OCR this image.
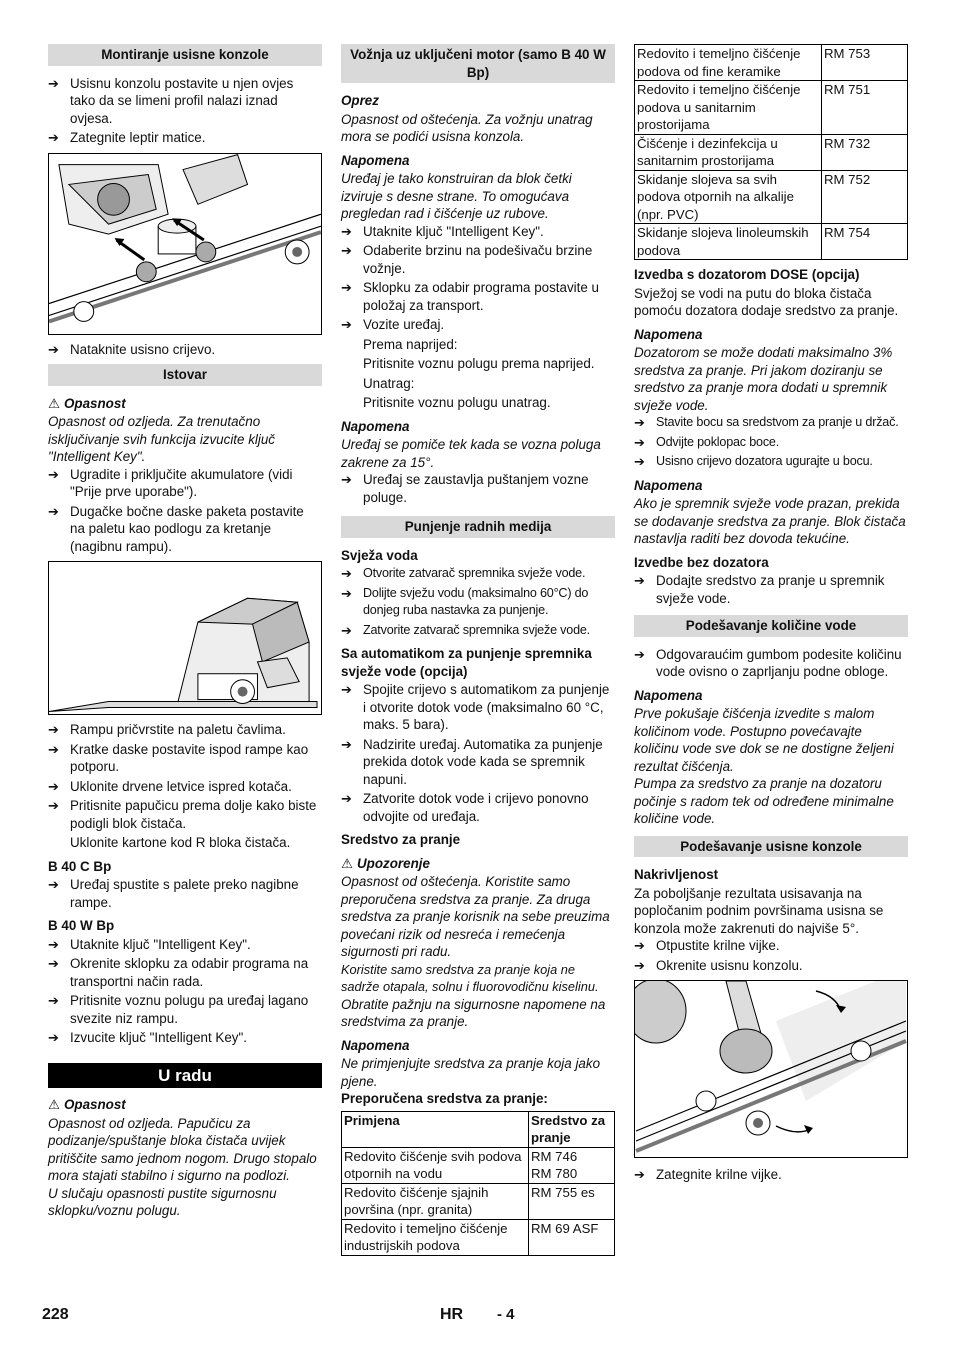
Montiranje usisne konzole
➔ Usisnu konzolu postavite u njen ovjes tako da se limeni profil nalazi iznad ovjesa.
➔ Zategnite leptir matice.
➔ Nataknite usisno crijevo.
Istovar
⚠ Opasnost

Opasnost od ozljeda. Za trenutačno isključivanje svih funkcija izvucite ključ "Intelligent Key".

➔ Ugradite i priključite akumulatore (vidi "Prije prve uporabe").
➔ Dugačke bočne daske paketa postavite na paletu kao podlogu za kretanje (nagibnu rampu).
➔ Rampu pričvrstite na paletu čavlima.
➔ Kratke daske postavite ispod rampe kao potporu.
➔ Uklonite drvene letvice ispred kotača.
➔ Pritisnite papučicu prema dolje kako biste podigli blok čistača.
Uklonite kartone kod R bloka čistača.
B 40 C Bp
➔ Uređaj spustite s palete preko nagibne rampe.
B 40 W Bp
➔ Utaknite ključ "Intelligent Key".
➔ Okrenite sklopku za odabir programa na transportni način rada.
➔ Pritisnite voznu polugu pa uređaj lagano svezite niz rampu.
➔ Izvucite ključ "Intelligent Key".
U radu
⚠ Opasnost

Opasnost od ozljeda. Papučicu za podizanje/spuštanje bloka čistača uvijek pritiščite samo jednom nogom. Drugo stopalo mora stajati stabilno i sigurno na podlozi.

U slučaju opasnosti pustite sigurnosnu sklopku/voznu polugu.

Vožnja uz uključeni motor (samo B 40 W Bp)
Oprez

Opasnost od oštećenja. Za vožnju unatrag mora se podići usisna konzola.

Napomena

Uređaj je tako konstruiran da blok četki izviruje s desne strane. To omogućava pregledan rad i čišćenje uz rubove.

➔ Utaknite ključ "Intelligent Key".
➔ Odaberite brzinu na podešivaču brzine vožnje.
➔ Sklopku za odabir programa postavite u položaj za transport.
➔ Vozite uređaj.
Prema naprijed:
Pritisnite voznu polugu prema naprijed.
Unatrag:
Pritisnite voznu polugu unatrag.
Napomena

Uređaj se pomiče tek kada se vozna poluga zakrene za 15°.

➔ Uređaj se zaustavlja puštanjem vozne poluge.
Punjenje radnih medija
Svježa voda
➔ Otvorite zatvarač spremnika svježe vode.
➔ Dolijte svježu vodu (maksimalno 60°C) do donjeg ruba nastavka za punjenje.
➔ Zatvorite zatvarač spremnika svježe vode.
Sa automatikom za punjenje spremnika svježe vode (opcija)
➔ Spojite crijevo s automatikom za punjenje i otvorite dotok vode (maksimalno 60 °C, maks. 5 bara).
➔ Nadzirite uređaj. Automatika za punjenje prekida dotok vode kada se spremnik napuni.
➔ Zatvorite dotok vode i crijevo ponovno odvojite od uređaja.
Sredstvo za pranje
⚠ Upozorenje

Opasnost od oštećenja. Koristite samo preporučena sredstva za pranje. Za druga sredstva za pranje korisnik na sebe preuzima povećani rizik od nesreća i remećenja sigurnosti pri radu.

Koristite samo sredstva za pranje koja ne sadrže otapala, solnu i fluorovodičnu kiselinu.

Obratite pažnju na sigurnosne napomene na sredstvima za pranje.

Napomena

Ne primjenjujte sredstva za pranje koja jako pjene.

Preporučena sredstva za pranje:
Primjena	Sredstvo za pranje
Redovito čišćenje svih podova otpornih na vodu	RM 746
RM 780
Redovito čišćenje sjajnih površina (npr. granita)	RM 755 es
Redovito i temeljno čišćenje industrijskih podova	RM 69 ASF
Redovito i temeljno čišćenje podova od fine keramike	RM 753
Redovito i temeljno čišćenje podova u sanitarnim prostorijama	RM 751
Čišćenje i dezinfekcija u sanitarnim prostorijama	RM 732
Skidanje slojeva sa svih podova otpornih na alkalije (npr. PVC)	RM 752
Skidanje slojeva linoleumskih podova	RM 754
Izvedba s dozatorom DOSE (opcija)

Svježoj se vodi na putu do bloka čistača pomoću dozatora dodaje sredstvo za pranje.

Napomena

Dozatorom se može dodati maksimalno 3% sredstva za pranje. Pri jakom doziranju se sredstvo za pranje mora dodati u spremnik svježe vode.

➔ Stavite bocu sa sredstvom za pranje u držač.
➔ Odvijte poklopac boce.
➔ Usisno crijevo dozatora ugurajte u bocu.
Napomena

Ako je spremnik svježe vode prazan, prekida se dodavanje sredstva za pranje. Blok čistača nastavlja raditi bez dovoda tekućine.

Izvedbe bez dozatora
➔ Dodajte sredstvo za pranje u spremnik svježe vode.
Podešavanje količine vode
➔ Odgovaraućim gumbom podesite količinu vode ovisno o zaprljanju podne obloge.
Napomena

Prve pokušaje čišćenja izvedite s malom količinom vode. Postupno povećavajte količinu vode sve dok se ne dostigne željeni rezultat čišćenja.

Pumpa za sredstvo za pranje na dozatoru počinje s radom tek od određene minimalne količine vode.

Podešavanje usisne konzole
Nakrivljenost

Za poboljšanje rezultata usisavanja na popločanim podnim površinama usisna se konzola može zakrenuti do najviše 5°.

➔ Otpustite krilne vijke.
➔ Okrenite usisnu konzolu.
➔ Zategnite krilne vijke.
228	HR - 4
